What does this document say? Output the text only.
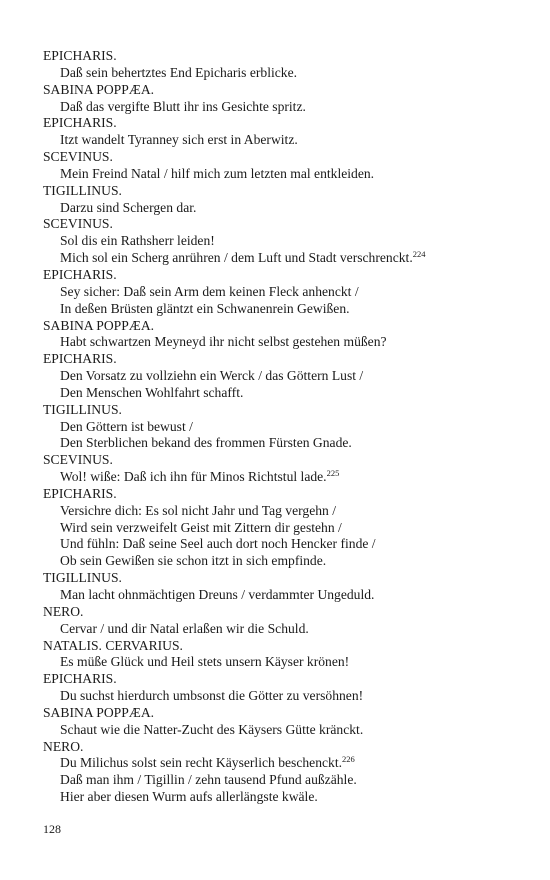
EPICHARIS.
Daß sein behertztes End Epicharis erblicke.
SABINA POPPÆA.
Daß das vergifte Blutt ihr ins Gesichte spritz.
EPICHARIS.
Itzt wandelt Tyranney sich erst in Aberwitz.
SCEVINUS.
Mein Freind Natal / hilf mich zum letzten mal entkleiden.
TIGILLINUS.
Darzu sind Schergen dar.
SCEVINUS.
Sol dis ein Rathsherr leiden!
Mich sol ein Scherg anrühren / dem Luft und Stadt verschrenckt.$^{224}$
EPICHARIS.
Sey sicher: Daß sein Arm dem keinen Fleck anhenckt /
In deßen Brüsten gläntzt ein Schwanenrein Gewißen.
SABINA POPPÆA.
Habt schwartzen Meyneyd ihr nicht selbst gestehen müßen?
EPICHARIS.
Den Vorsatz zu vollziehn ein Werck / das Göttern Lust /
Den Menschen Wohlfahrt schafft.
TIGILLINUS.
Den Göttern ist bewust /
Den Sterblichen bekand des frommen Fürsten Gnade.
SCEVINUS.
Wol! wiße: Daß ich ihn für Minos Richtstul lade.$^{225}$
EPICHARIS.
Versichre dich: Es sol nicht Jahr und Tag vergehn /
Wird sein verzweifelt Geist mit Zittern dir gestehn /
Und fühln: Daß seine Seel auch dort noch Hencker finde /
Ob sein Gewißen sie schon itzt in sich empfinde.
TIGILLINUS.
Man lacht ohnmächtigen Dreuns / verdammter Ungeduld.
NERO.
Cervar / und dir Natal erlaßen wir die Schuld.
NATALIS. CERVARIUS.
Es müße Glück und Heil stets unsern Käyser krönen!
EPICHARIS.
Du suchst hierdurch umbsonst die Götter zu versöhnen!
SABINA POPPÆA.
Schaut wie die Natter-Zucht des Käysers Gütte kränckt.
NERO.
Du Milichus solst sein recht Käyserlich beschenckt.$^{226}$
Daß man ihm / Tigillin / zehn tausend Pfund außzähle.
Hier aber diesen Wurm aufs allerlängste kwäle.
128
